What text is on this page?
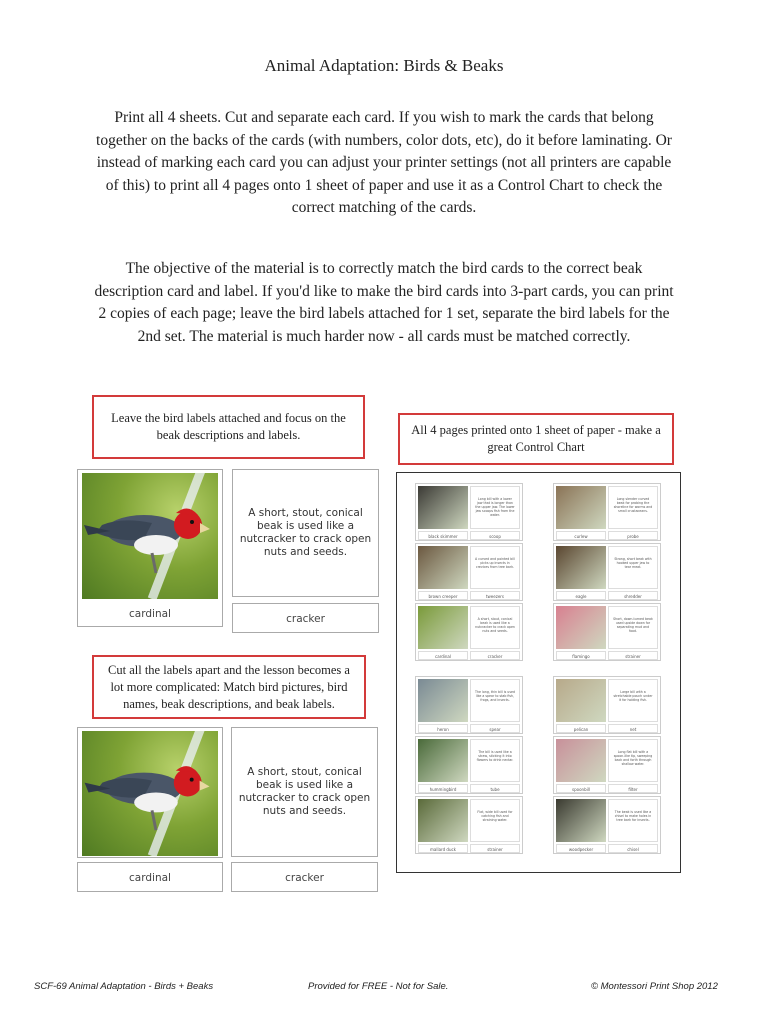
Animal Adaptation: Birds & Beaks
Print all 4 sheets. Cut and separate each card. If you wish to mark the cards that belong together on the backs of the cards (with numbers, color dots, etc), do it before laminating. Or instead of marking each card you can adjust your printer settings (not all printers are capable of this) to print all 4 pages onto 1 sheet of paper and use it as a Control Chart to check the correct matching of the cards.
The objective of the material is to correctly match the bird cards to the correct beak description card and label. If you'd like to make the bird cards into 3-part cards, you can print 2 copies of each page; leave the bird labels attached for 1 set, separate the bird labels for the 2nd set. The material is much harder now - all cards must be matched correctly.
Leave the bird labels attached and focus on the beak descriptions and labels.	All 4 pages printed onto 1 sheet of paper - make a great Control Chart
Cut all the labels apart and the lesson becomes a lot more complicated: Match bird pictures, bird names, beak descriptions, and beak labels.
cardinal
A short, stout, conical beak is used like a nutcracker to crack open nuts and seeds.
cracker
A short, stout, conical beak is used like a nutcracker to crack open nuts and seeds.
cardinal	cracker
Long bill with a lower jaw that is longer than the upper jaw. The lower jaw scoops fish from the water.
black skimmer	scoop
Long slender curved beak for probing the shoreline for worms and small crustaceans.
curlew	probe
A curved and pointed bill picks up insects in crevices from tree bark.
brown creeper	tweezers
Strong, short beak with hooked upper jaw to tear meat.
eagle	shredder
A short, stout, conical beak is used like a nutcracker to crack open nuts and seeds.
cardinal	cracker
Short, down-turned beak used upside down for separating mud and food.
flamingo	strainer
The long, thin bill is used like a spear to stab fish, frogs, and insects.
heron	spear
Large bill with a stretchable pouch under it for holding fish.
pelican	net
The bill is used like a straw, sticking it into flowers to drink nectar.
hummingbird	tube
Long flat bill with a spoon-like tip, sweeping back and forth through shallow water.
spoonbill	filter
Flat, wide bill used for catching fish and straining water.
mallard duck	strainer
The beak is used like a chisel to make holes in tree bark for insects.
woodpecker	chisel
SCF-69 Animal Adaptation - Birds + Beaks	Provided for FREE - Not for Sale.	© Montessori Print Shop 2012
